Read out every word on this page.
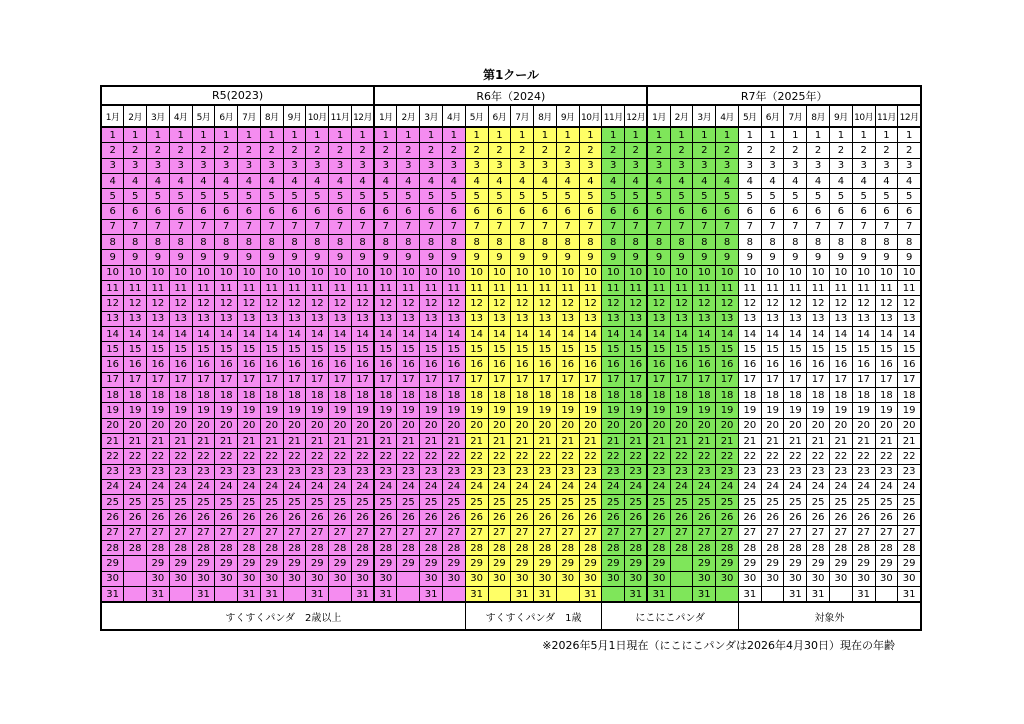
第1クール
R5(2023)												R6年（2024)												R7年（2025年）											
1月	2月	3月	4月	5月	6月	7月	8月	9月	10月	11月	12月	1月	2月	3月	4月	5月	6月	7月	8月	9月	10月	11月	12月	1月	2月	3月	4月	5月	6月	7月	8月	9月	10月	11月	12月
1	1	1	1	1	1	1	1	1	1	1	1	1	1	1	1	1	1	1	1	1	1	1	1	1	1	1	1	1	1	1	1	1	1	1	1
2	2	2	2	2	2	2	2	2	2	2	2	2	2	2	2	2	2	2	2	2	2	2	2	2	2	2	2	2	2	2	2	2	2	2	2
3	3	3	3	3	3	3	3	3	3	3	3	3	3	3	3	3	3	3	3	3	3	3	3	3	3	3	3	3	3	3	3	3	3	3	3
4	4	4	4	4	4	4	4	4	4	4	4	4	4	4	4	4	4	4	4	4	4	4	4	4	4	4	4	4	4	4	4	4	4	4	4
5	5	5	5	5	5	5	5	5	5	5	5	5	5	5	5	5	5	5	5	5	5	5	5	5	5	5	5	5	5	5	5	5	5	5	5
6	6	6	6	6	6	6	6	6	6	6	6	6	6	6	6	6	6	6	6	6	6	6	6	6	6	6	6	6	6	6	6	6	6	6	6
7	7	7	7	7	7	7	7	7	7	7	7	7	7	7	7	7	7	7	7	7	7	7	7	7	7	7	7	7	7	7	7	7	7	7	7
8	8	8	8	8	8	8	8	8	8	8	8	8	8	8	8	8	8	8	8	8	8	8	8	8	8	8	8	8	8	8	8	8	8	8	8
9	9	9	9	9	9	9	9	9	9	9	9	9	9	9	9	9	9	9	9	9	9	9	9	9	9	9	9	9	9	9	9	9	9	9	9
10	10	10	10	10	10	10	10	10	10	10	10	10	10	10	10	10	10	10	10	10	10	10	10	10	10	10	10	10	10	10	10	10	10	10	10
11	11	11	11	11	11	11	11	11	11	11	11	11	11	11	11	11	11	11	11	11	11	11	11	11	11	11	11	11	11	11	11	11	11	11	11
12	12	12	12	12	12	12	12	12	12	12	12	12	12	12	12	12	12	12	12	12	12	12	12	12	12	12	12	12	12	12	12	12	12	12	12
13	13	13	13	13	13	13	13	13	13	13	13	13	13	13	13	13	13	13	13	13	13	13	13	13	13	13	13	13	13	13	13	13	13	13	13
14	14	14	14	14	14	14	14	14	14	14	14	14	14	14	14	14	14	14	14	14	14	14	14	14	14	14	14	14	14	14	14	14	14	14	14
15	15	15	15	15	15	15	15	15	15	15	15	15	15	15	15	15	15	15	15	15	15	15	15	15	15	15	15	15	15	15	15	15	15	15	15
16	16	16	16	16	16	16	16	16	16	16	16	16	16	16	16	16	16	16	16	16	16	16	16	16	16	16	16	16	16	16	16	16	16	16	16
17	17	17	17	17	17	17	17	17	17	17	17	17	17	17	17	17	17	17	17	17	17	17	17	17	17	17	17	17	17	17	17	17	17	17	17
18	18	18	18	18	18	18	18	18	18	18	18	18	18	18	18	18	18	18	18	18	18	18	18	18	18	18	18	18	18	18	18	18	18	18	18
19	19	19	19	19	19	19	19	19	19	19	19	19	19	19	19	19	19	19	19	19	19	19	19	19	19	19	19	19	19	19	19	19	19	19	19
20	20	20	20	20	20	20	20	20	20	20	20	20	20	20	20	20	20	20	20	20	20	20	20	20	20	20	20	20	20	20	20	20	20	20	20
21	21	21	21	21	21	21	21	21	21	21	21	21	21	21	21	21	21	21	21	21	21	21	21	21	21	21	21	21	21	21	21	21	21	21	21
22	22	22	22	22	22	22	22	22	22	22	22	22	22	22	22	22	22	22	22	22	22	22	22	22	22	22	22	22	22	22	22	22	22	22	22
23	23	23	23	23	23	23	23	23	23	23	23	23	23	23	23	23	23	23	23	23	23	23	23	23	23	23	23	23	23	23	23	23	23	23	23
24	24	24	24	24	24	24	24	24	24	24	24	24	24	24	24	24	24	24	24	24	24	24	24	24	24	24	24	24	24	24	24	24	24	24	24
25	25	25	25	25	25	25	25	25	25	25	25	25	25	25	25	25	25	25	25	25	25	25	25	25	25	25	25	25	25	25	25	25	25	25	25
26	26	26	26	26	26	26	26	26	26	26	26	26	26	26	26	26	26	26	26	26	26	26	26	26	26	26	26	26	26	26	26	26	26	26	26
27	27	27	27	27	27	27	27	27	27	27	27	27	27	27	27	27	27	27	27	27	27	27	27	27	27	27	27	27	27	27	27	27	27	27	27
28	28	28	28	28	28	28	28	28	28	28	28	28	28	28	28	28	28	28	28	28	28	28	28	28	28	28	28	28	28	28	28	28	28	28	28
29		29	29	29	29	29	29	29	29	29	29	29	29	29	29	29	29	29	29	29	29	29	29	29		29	29	29	29	29	29	29	29	29	29
30		30	30	30	30	30	30	30	30	30	30	30		30	30	30	30	30	30	30	30	30	30	30		30	30	30	30	30	30	30	30	30	30
31		31		31		31	31		31		31	31		31		31		31	31		31		31	31		31		31		31	31		31		31
すくすくパンダ　2歳以上																すくすくパンダ　1歳						にこにこパンダ						対象外							
※2026年5月1日現在（にこにこパンダは2026年4月30日）現在の年齢
